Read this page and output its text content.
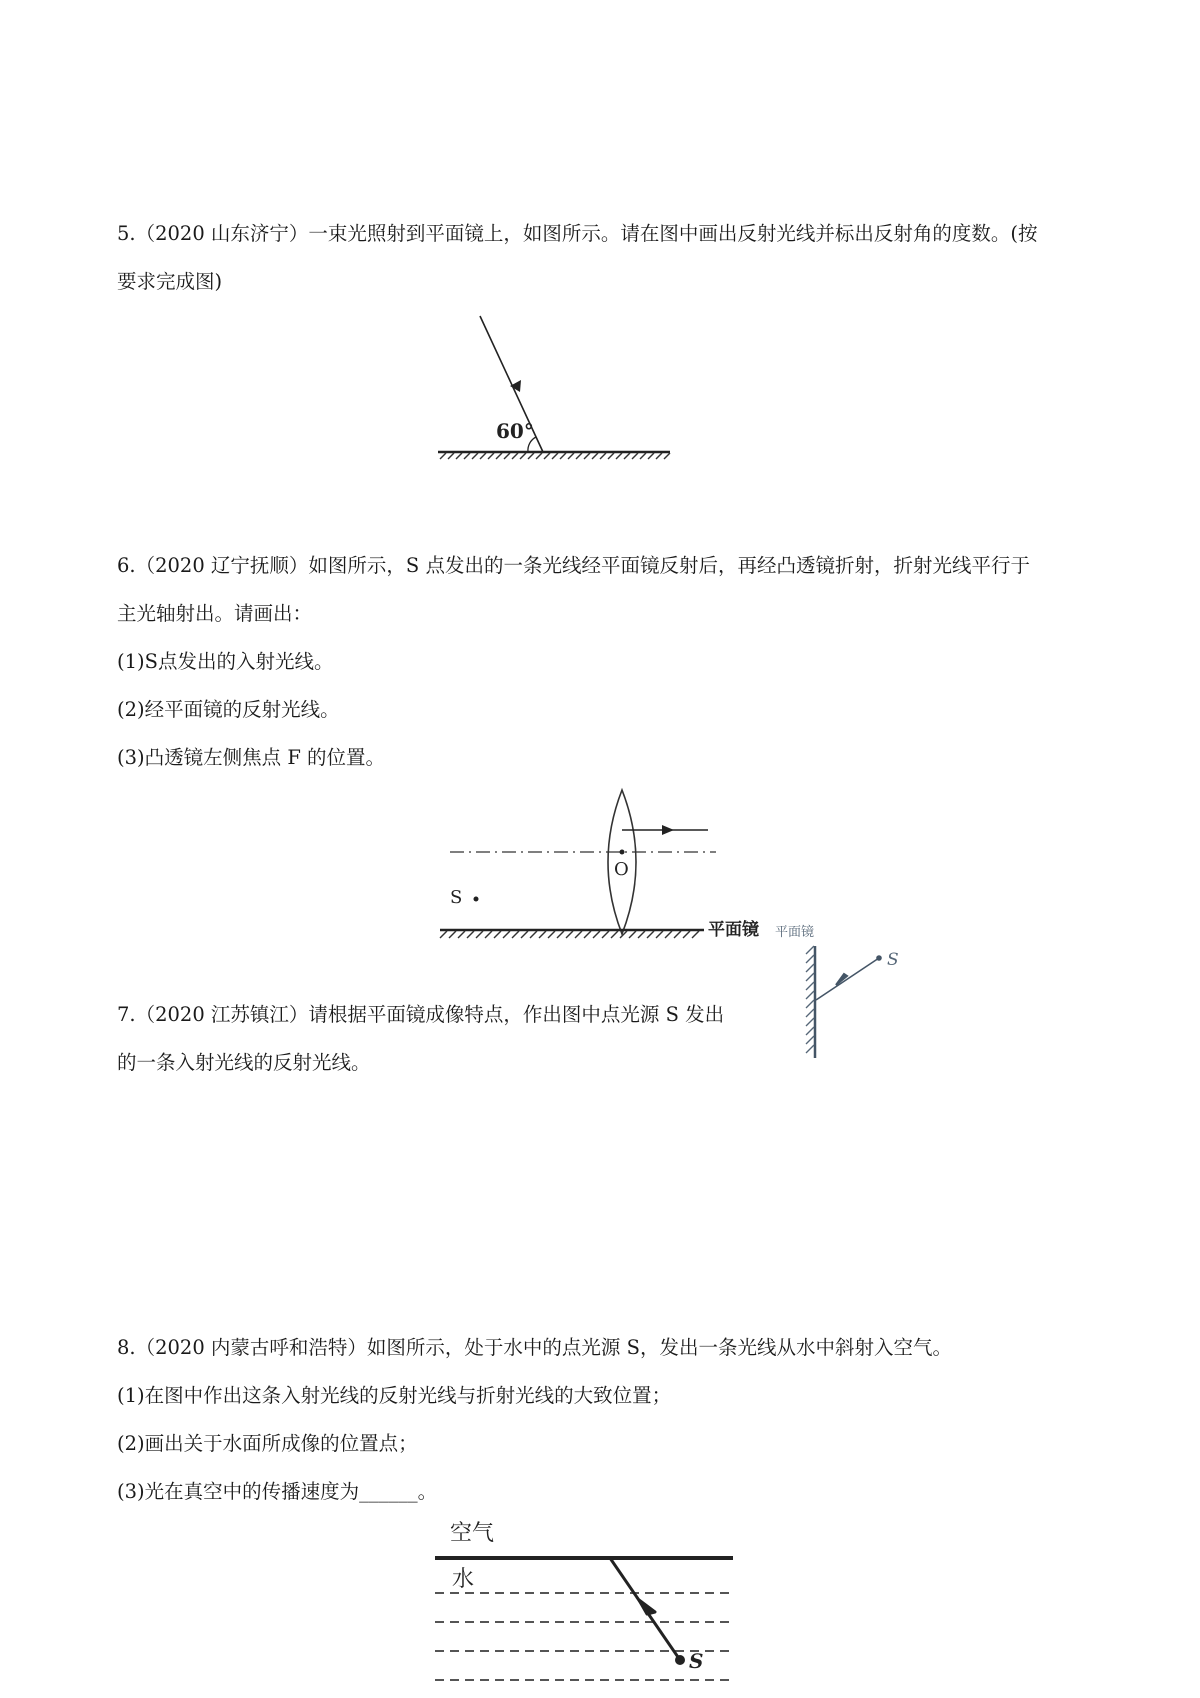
5.（2020 山东济宁）一束光照射到平面镜上，如图所示。请在图中画出反射光线并标出反射角的度数。(按

要求完成图)

60°

6.（2020 辽宁抚顺）如图所示，S 点发出的一条光线经平面镜反射后，再经凸透镜折射，折射光线平行于

主光轴射出。请画出：

(1)S点发出的入射光线。

(2)经平面镜的反射光线。

(3)凸透镜左侧焦点 F 的位置。

O
S
平面镜

7.（2020 江苏镇江）请根据平面镜成像特点，作出图中点光源 S 发出

的一条入射光线的反射光线。

平面镜
S

8.（2020 内蒙古呼和浩特）如图所示，处于水中的点光源 S，发出一条光线从水中斜射入空气。

(1)在图中作出这条入射光线的反射光线与折射光线的大致位置；

(2)画出关于水面所成像的位置点；

(3)光在真空中的传播速度为______。

空气
水
S
